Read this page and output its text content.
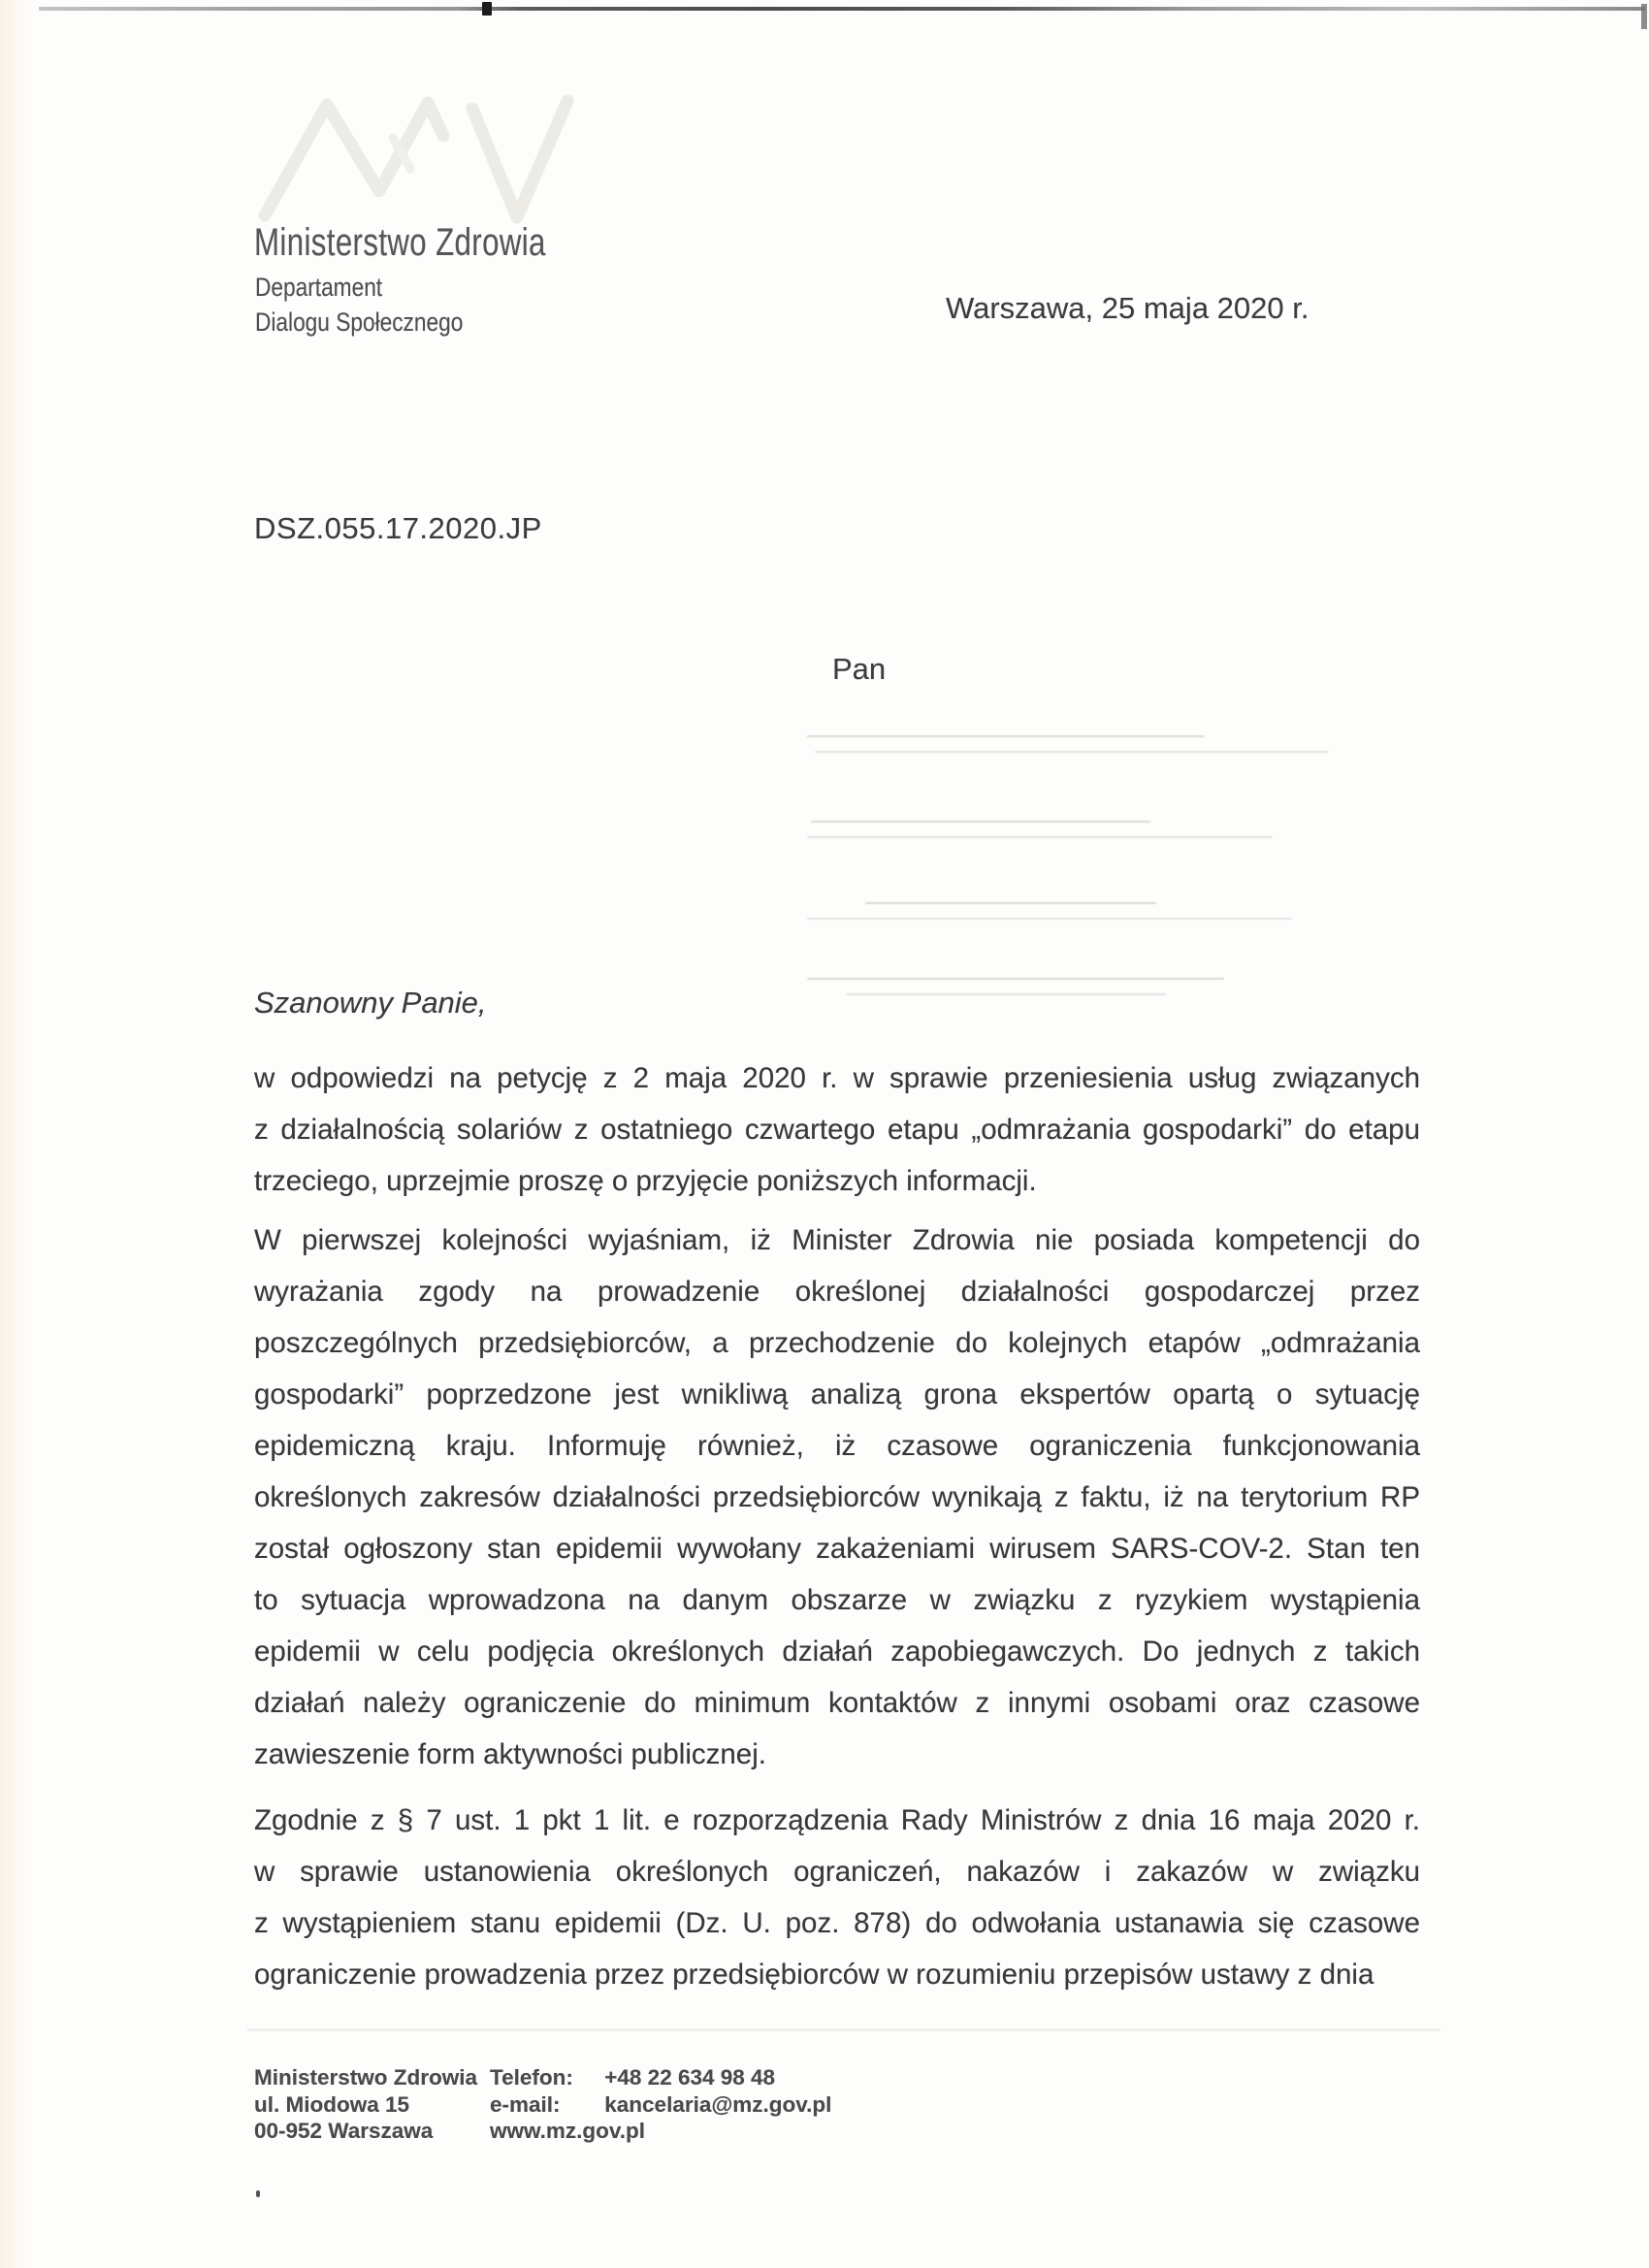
Ministerstwo Zdrowia
Departament
Dialogu Społecznego	Warszawa, 25 maja 2020 r.
DSZ.055.17.2020.JP
Pan
Szanowny Panie,
w odpowiedzi na petycję z 2 maja 2020 r. w sprawie przeniesienia usług związanych
z działalnością solariów z ostatniego czwartego etapu „odmrażania gospodarki” do etapu
trzeciego, uprzejmie proszę o przyjęcie poniższych informacji.
W pierwszej kolejności wyjaśniam, iż Minister Zdrowia nie posiada kompetencji do
wyrażania zgody na prowadzenie określonej działalności gospodarczej przez
poszczególnych przedsiębiorców, a przechodzenie do kolejnych etapów „odmrażania
gospodarki” poprzedzone jest wnikliwą analizą grona ekspertów opartą o sytuację
epidemiczną kraju. Informuję również, iż czasowe ograniczenia funkcjonowania
określonych zakresów działalności przedsiębiorców wynikają z faktu, iż na terytorium RP
został ogłoszony stan epidemii wywołany zakażeniami wirusem SARS-COV-2. Stan ten
to sytuacja wprowadzona na danym obszarze w związku z ryzykiem wystąpienia
epidemii w celu podjęcia określonych działań zapobiegawczych. Do jednych z takich
działań należy ograniczenie do minimum kontaktów z innymi osobami oraz czasowe
zawieszenie form aktywności publicznej.
Zgodnie z § 7 ust. 1 pkt 1 lit. e rozporządzenia Rady Ministrów z dnia 16 maja 2020 r.
w sprawie ustanowienia określonych ograniczeń, nakazów i zakazów w związku
z wystąpieniem stanu epidemii (Dz. U. poz. 878) do odwołania ustanawia się czasowe
ograniczenie prowadzenia przez przedsiębiorców w rozumieniu przepisów ustawy z dnia
Ministerstwo Zdrowia
ul. Miodowa 15
00-952 Warszawa
Telefon: +48 22 634 98 48
e-mail: kancelaria@mz.gov.pl
www.mz.gov.pl
